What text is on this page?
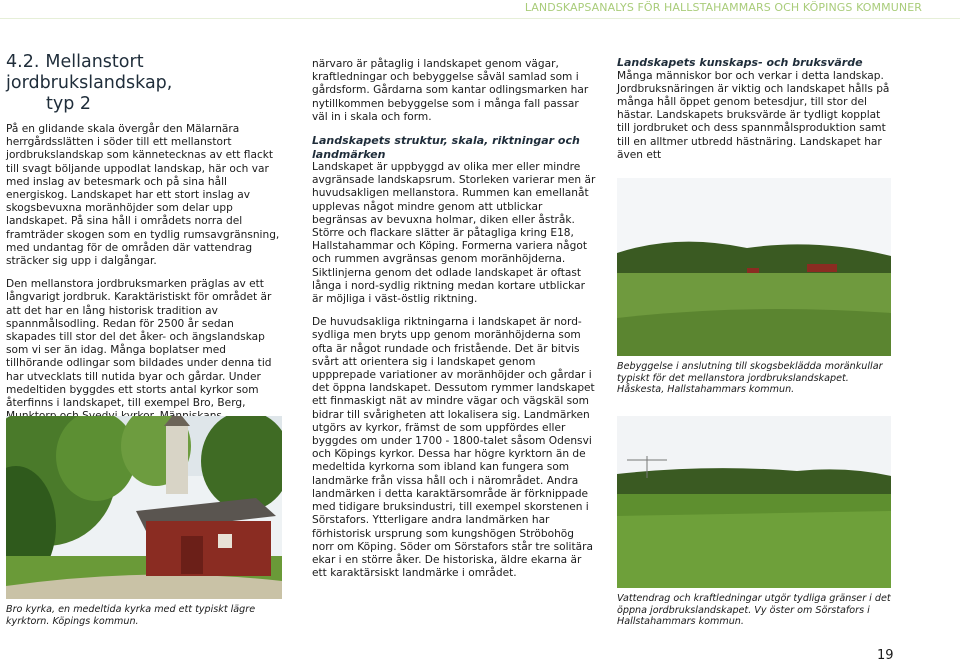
LANDSKAPSANALYS FÖR HALLSTAHAMMARS OCH KÖPINGS KOMMUNER
4.2. Mellanstort jordbrukslandskap,
typ 2

På en glidande skala övergår den Mälarnära herrgårdsslätten i söder till ett mellanstort jordbrukslandskap som kännetecknas av ett flackt till svagt böljande uppodlat landskap, här och var med inslag av betesmark och på sina håll energiskog. Landskapet har ett stort inslag av skogsbevuxna moränhöjder som delar upp landskapet. På sina håll i områdets norra del framträder skogen som en tydlig rumsavgränsning, med undantag för de områden där vattendrag sträcker sig upp i dalgångar.

Den mellanstora jordbruksmarken präglas av ett långvarigt jordbruk. Karaktäristiskt för området är att det har en lång historisk tradition av spannmålsodling. Redan för 2500 år sedan skapades till stor del det åker- och ängslandskap som vi ser än idag. Många boplatser med tillhörande odlingar som bildades under denna tid har utvecklats till nutida byar och gårdar. Under medeltiden byggdes ett storts antal kyrkor som återfinns i landskapet, till exempel Bro, Berg,

Bro kyrka, en medeltida kyrka med ett typiskt lägre kyrktorn. Köpings kommun.

närvaro är påtaglig i landskapet genom vägar, kraftledningar och bebyggelse såväl samlad som i gårdsform. Gårdarna som kantar odlingsmarken har nytillkommen bebyggelse som i många fall passar väl in i skala och form.

Landskapets struktur, skala, riktningar och landmärken

Landskapet är uppbyggd av olika mer eller mindre avgränsade landskapsrum. Storleken varierar men är huvudsakligen mellanstora. Rummen kan emellanåt upplevas något mindre genom att utblickar begränsas av bevuxna holmar, diken eller åstråk. Större och flackare slätter är påtagliga kring E18, Hallstahammar och Köping. Formerna variera något och rummen avgränsas genom moränhöjderna. Siktlinjerna genom det odlade landskapet är oftast långa i nord-sydlig riktning medan kortare utblickar är möjliga i väst-östlig riktning.

De huvudsakliga riktningarna i landskapet är nord-sydliga men bryts upp genom moränhöjderna som ofta är något rundade och fristående. Det är bitvis svårt att orientera sig i landskapet genom uppprepade variationer av moränhöjder och gårdar i det öppna landskapet. Dessutom rymmer landskapet ett finmaskigt nät av mindre vägar och vägskäl som bidrar till svårigheten att lokalisera sig. Landmärken utgörs av kyrkor, främst de som uppfördes eller byggdes om under 1700 - 1800-talet såsom Odensvi och Köpings kyrkor. Dessa har högre kyrktorn än de medeltida kyrkorna som ibland kan fungera som landmärke från vissa håll och i närområdet. Andra landmärken i detta karaktärsområde är förknippade med tidigare bruksindustri, till exempel skorstenen i Sörstafors. Ytterligare andra landmärken har förhistorisk ursprung som kungshögen Ströbohög norr om Köping. Söder om Sörstafors står tre solitära ekar i en större åker. De historiska, äldre ekarna är ett karaktärsiskt landmärke i området.

Landskapets kunskaps- och bruksvärde

Många människor bor och verkar i detta landskap. Jordbruksnäringen är viktig och landskapet hålls på många håll öppet genom betesdjur, till stor del hästar. Landskapets bruksvärde är tydligt kopplat till jordbruket och dess spannmålsproduktion samt till en alltmer utbredd hästnäring. Landskapet har även ett

Bebyggelse i anslutning till skogsbeklädda moränkullar typiskt för det mellanstora jordbrukslandskapet. Håskesta, Hallstahammars kommun.
Vattendrag och kraftledningar utgör tydliga gränser i det öppna jordbrukslandskapet. Vy öster om Sörstafors i Hallstahammars kommun.
19
